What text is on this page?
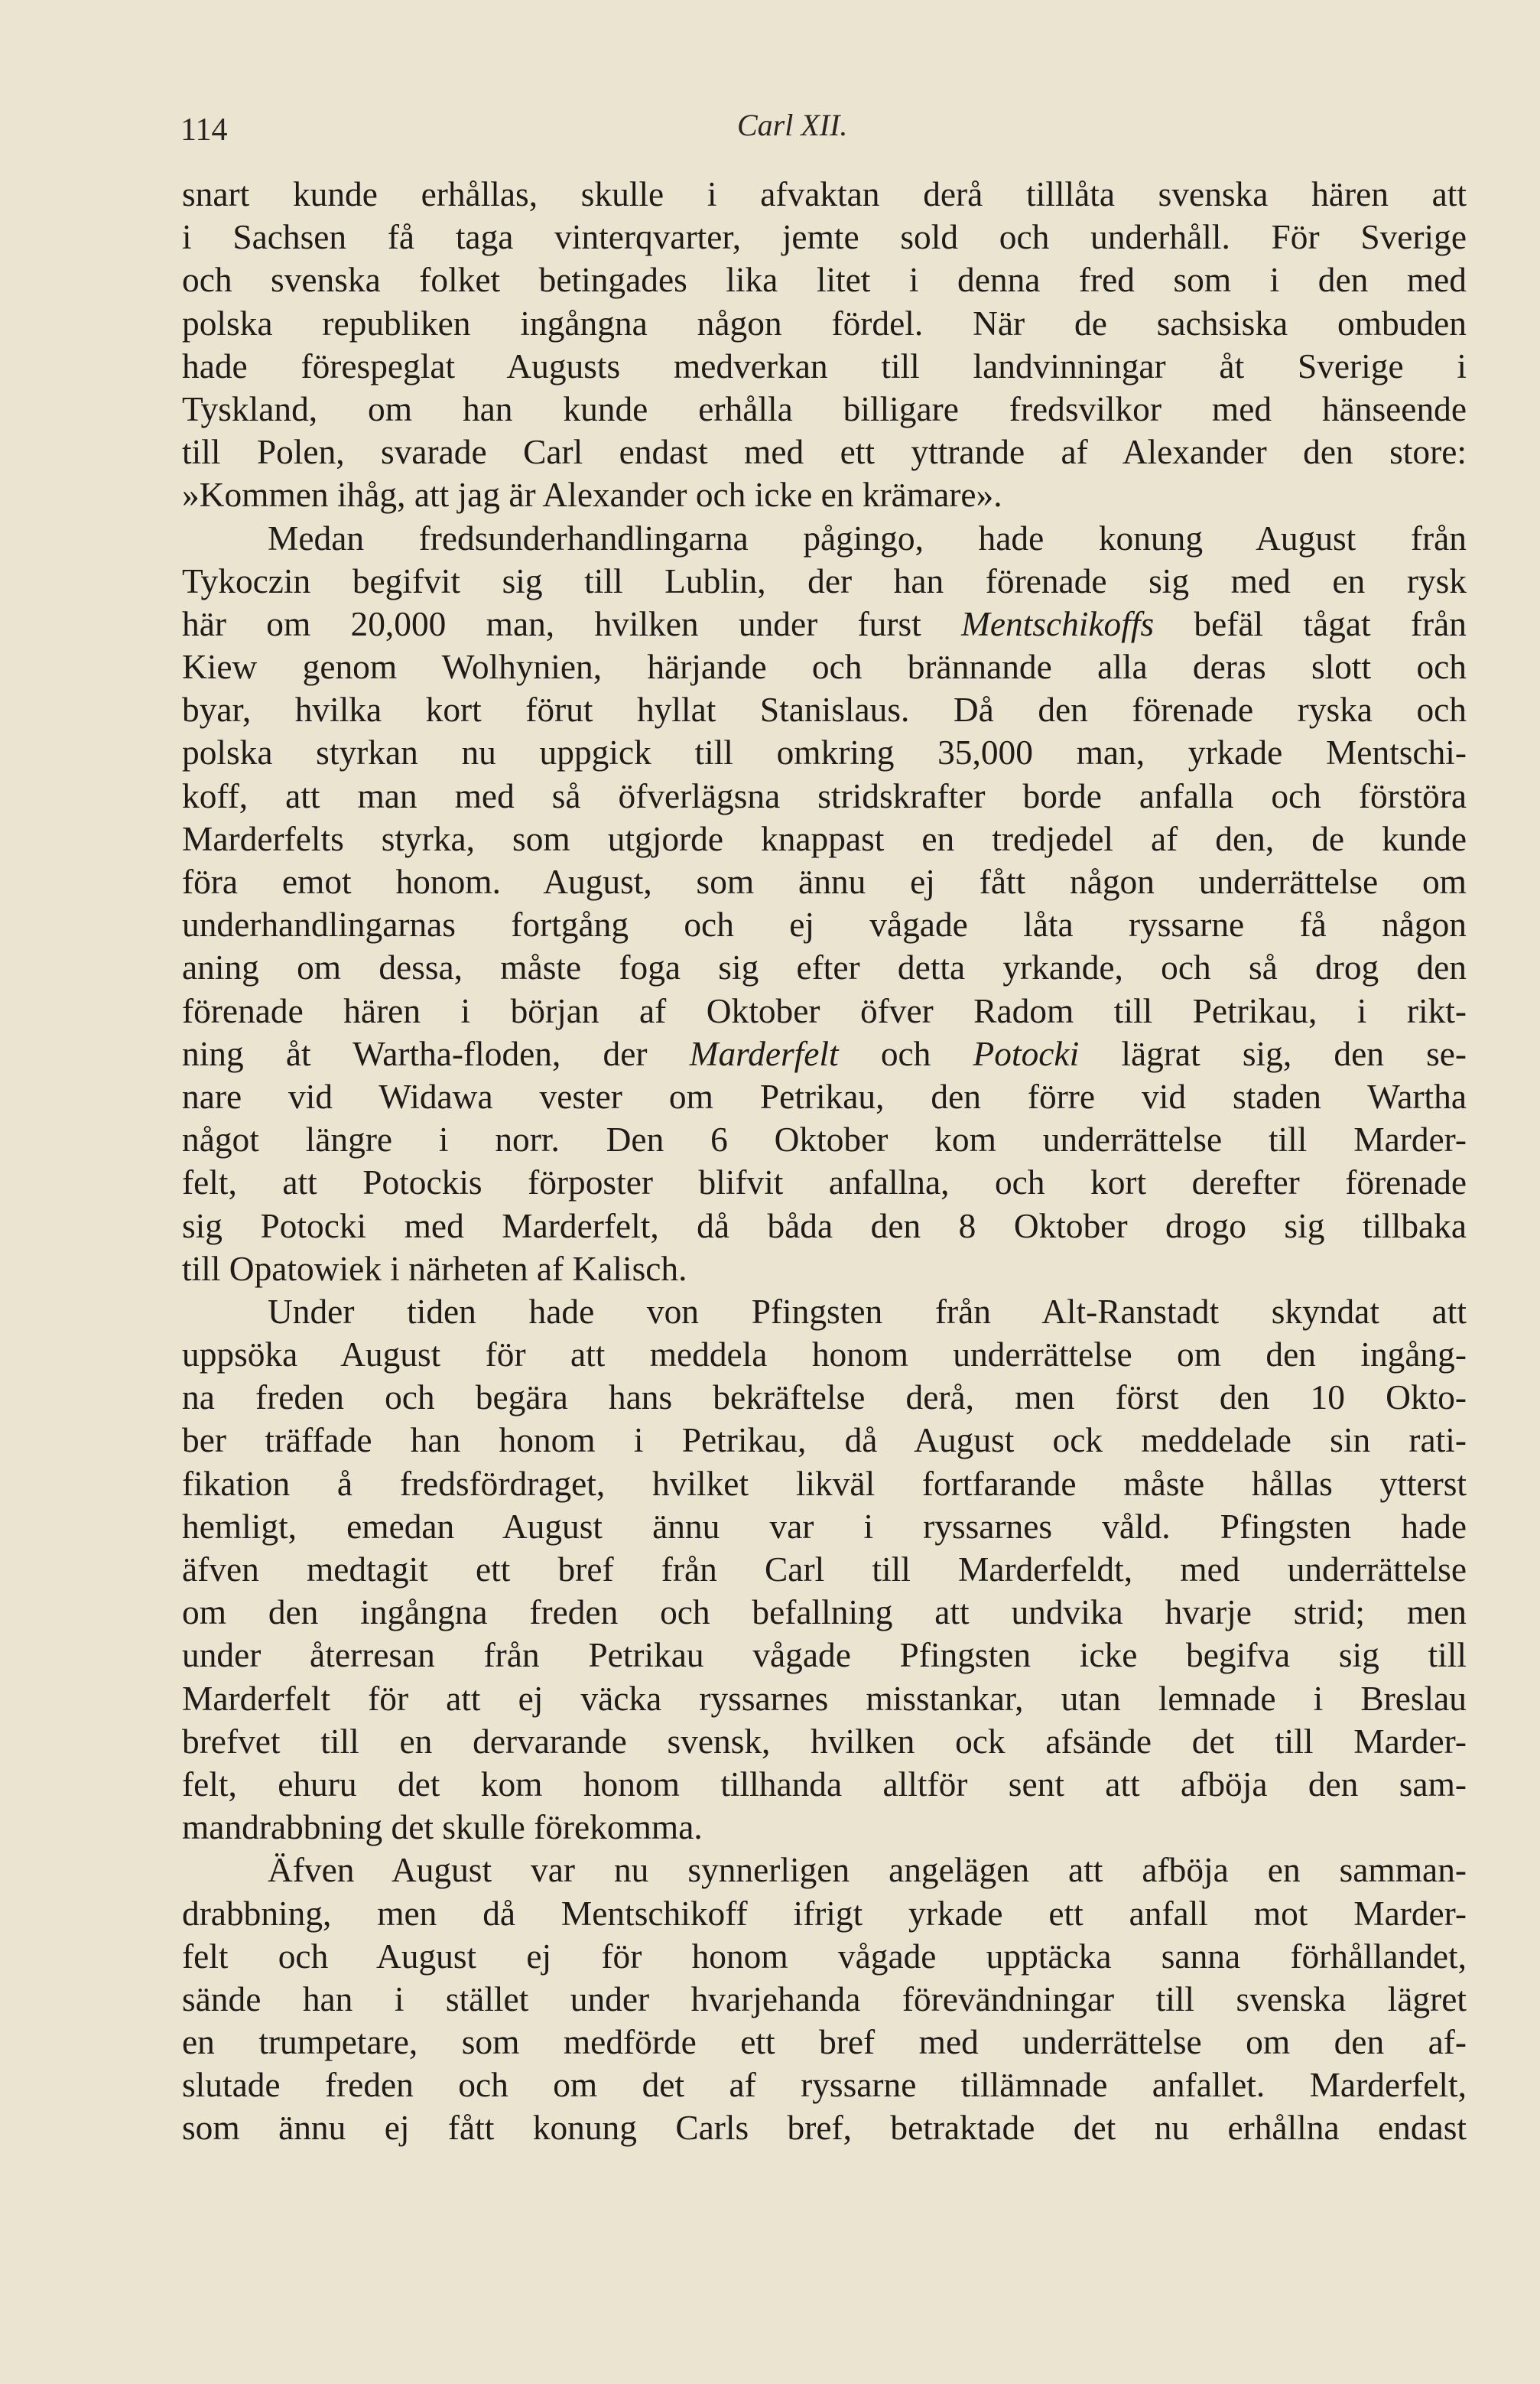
114	Carl XII.
snart kunde erhållas, skulle i afvaktan derå tilllåta svenska hären att
i Sachsen få taga vinterqvarter, jemte sold och underhåll. För Sverige
och svenska folket betingades lika litet i denna fred som i den med
polska republiken ingångna någon fördel. När de sachsiska ombuden
hade förespeglat Augusts medverkan till landvinningar åt Sverige i
Tyskland, om han kunde erhålla billigare fredsvilkor med hänseende
till Polen, svarade Carl endast med ett yttrande af Alexander den store:
»Kommen ihåg, att jag är Alexander och icke en krämare».
Medan fredsunderhandlingarna pågingo, hade konung August från
Tykoczin begifvit sig till Lublin, der han förenade sig med en rysk
här om 20,000 man, hvilken under furst Mentschikoffs befäl tågat från
Kiew genom Wolhynien, härjande och brännande alla deras slott och
byar, hvilka kort förut hyllat Stanislaus. Då den förenade ryska och
polska styrkan nu uppgick till omkring 35,000 man, yrkade Mentschi-
koff, att man med så öfverlägsna stridskrafter borde anfalla och förstöra
Marderfelts styrka, som utgjorde knappast en tredjedel af den, de kunde
föra emot honom. August, som ännu ej fått någon underrättelse om
underhandlingarnas fortgång och ej vågade låta ryssarne få någon
aning om dessa, måste foga sig efter detta yrkande, och så drog den
förenade hären i början af Oktober öfver Radom till Petrikau, i rikt-
ning åt Wartha-floden, der Marderfelt och Potocki lägrat sig, den se-
nare vid Widawa vester om Petrikau, den förre vid staden Wartha
något längre i norr. Den 6 Oktober kom underrättelse till Marder-
felt, att Potockis förposter blifvit anfallna, och kort derefter förenade
sig Potocki med Marderfelt, då båda den 8 Oktober drogo sig tillbaka
till Opatowiek i närheten af Kalisch.
Under tiden hade von Pfingsten från Alt-Ranstadt skyndat att
uppsöka August för att meddela honom underrättelse om den ingång-
na freden och begära hans bekräftelse derå, men först den 10 Okto-
ber träffade han honom i Petrikau, då August ock meddelade sin rati-
fikation å fredsfördraget, hvilket likväl fortfarande måste hållas ytterst
hemligt, emedan August ännu var i ryssarnes våld. Pfingsten hade
äfven medtagit ett bref från Carl till Marderfeldt, med underrättelse
om den ingångna freden och befallning att undvika hvarje strid; men
under återresan från Petrikau vågade Pfingsten icke begifva sig till
Marderfelt för att ej väcka ryssarnes misstankar, utan lemnade i Breslau
brefvet till en dervarande svensk, hvilken ock afsände det till Marder-
felt, ehuru det kom honom tillhanda alltför sent att afböja den sam-
mandrabbning det skulle förekomma.
Äfven August var nu synnerligen angelägen att afböja en samman-
drabbning, men då Mentschikoff ifrigt yrkade ett anfall mot Marder-
felt och August ej för honom vågade upptäcka sanna förhållandet,
sände han i stället under hvarjehanda förevändningar till svenska lägret
en trumpetare, som medförde ett bref med underrättelse om den af-
slutade freden och om det af ryssarne tillämnade anfallet. Marderfelt,
som ännu ej fått konung Carls bref, betraktade det nu erhållna endast
